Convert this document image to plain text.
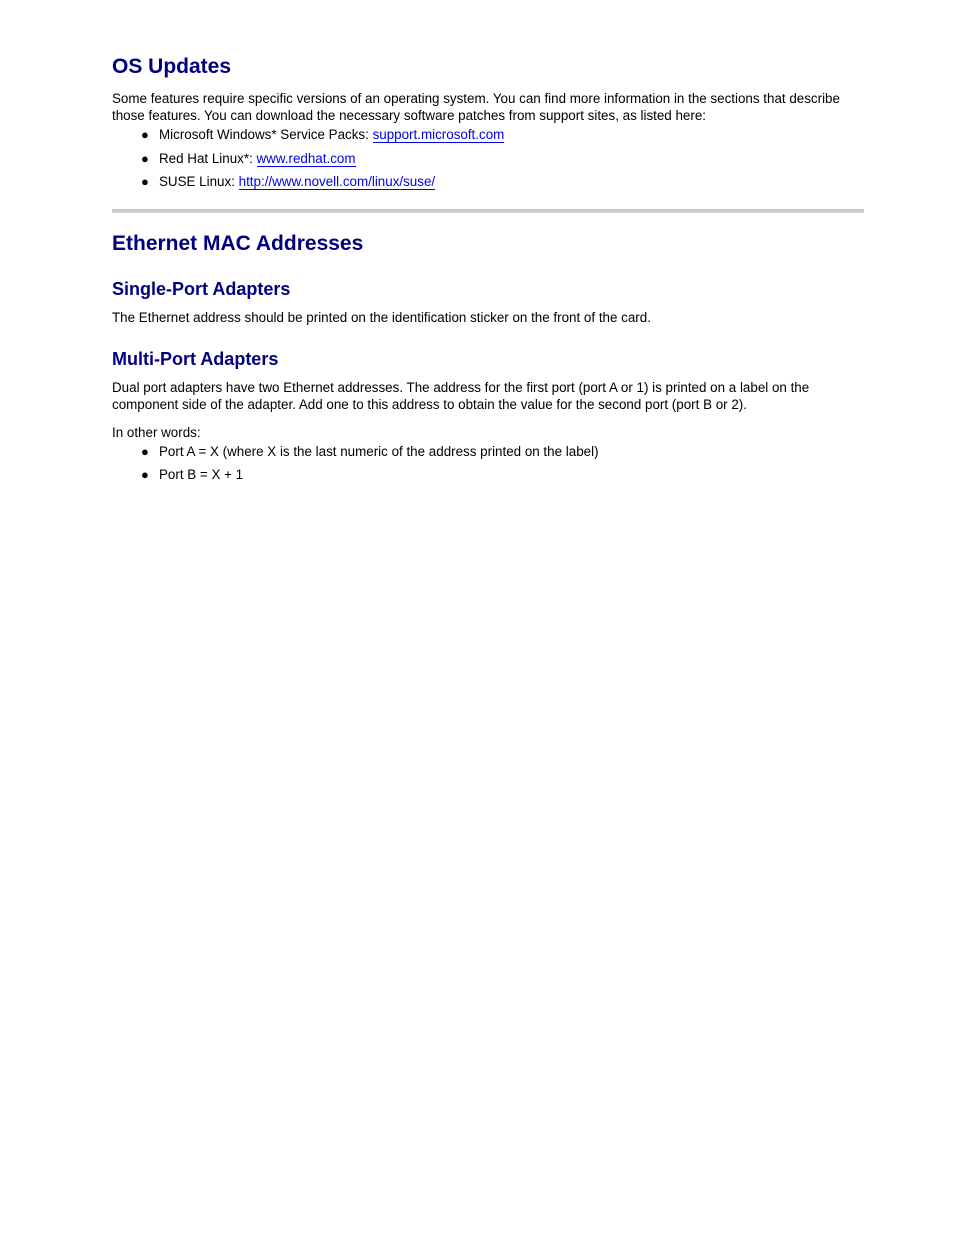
OS Updates

Some features require specific versions of an operating system. You can find more information in the sections that describe those features. You can download the necessary software patches from support sites, as listed here:

● Microsoft Windows* Service Packs: support.microsoft.com
● Red Hat Linux*: www.redhat.com
● SUSE Linux: http://www.novell.com/linux/suse/
Ethernet MAC Addresses
Single-Port Adapters

The Ethernet address should be printed on the identification sticker on the front of the card.

Multi-Port Adapters

Dual port adapters have two Ethernet addresses. The address for the first port (port A or 1) is printed on a label on the component side of the adapter. Add one to this address to obtain the value for the second port (port B or 2).

In other words:

● Port A = X (where X is the last numeric of the address printed on the label)
● Port B = X + 1
